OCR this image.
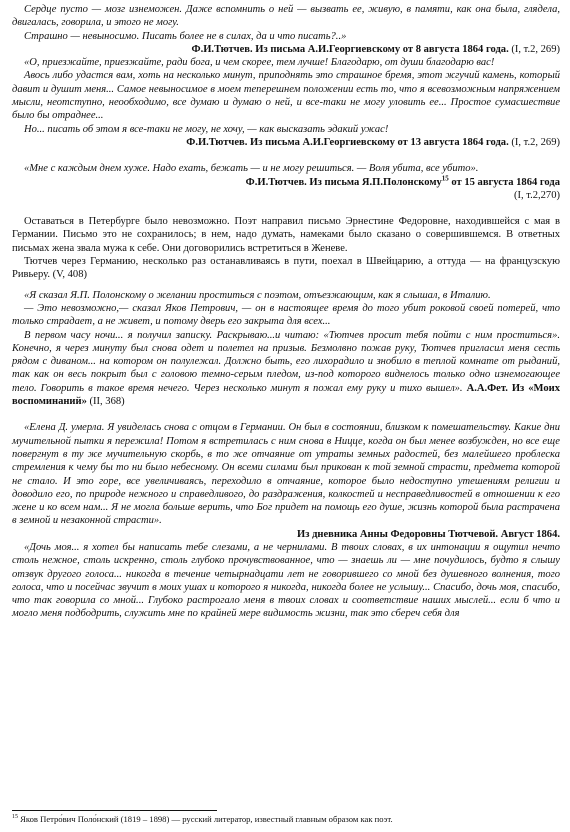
Сердце пусто — мозг изнеможен. Даже вспомнить о ней — вызвать ее, живую, в памяти, как она была, глядела, двигалась, говорила, и этого не могу.

Страшно — невыносимо. Писать более не в силах, да и что писать?..»

Ф.И.Тютчев. Из письма А.И.Георгиевскому от 8 августа 1864 года. (I, т.2, 269)

«О, приезжайте, приезжайте, ради бога, и чем скорее, тем лучше! Благодарю, от души благодарю вас!

Авось либо удастся вам, хоть на несколько минут, приподнять это страшное бремя, этот жгучий камень, который давит и душит меня... Самое невыносимое в моем теперешнем положении есть то, что я всевозможным напряжением мысли, неотступно, неообходимо, все думаю и думаю о ней, и все-таки не могу уловить ее... Простое сумасшествие было бы отраднее...

Но... писать об этом я все-таки не могу, не хочу, — как высказать эдакий ужас!

Ф.И.Тютчев. Из письма А.И.Георгиевскому от 13 августа 1864 года. (I, т.2, 269)

«Мне с каждым днем хуже. Надо ехать, бежать — и не могу решиться. — Воля убита, все убито».

Ф.И.Тютчев. Из письма Я.П.Полонскому$^{15}$ от 15 августа 1864 года
(I, т.2,270)

Оставаться в Петербурге было невозможно. Поэт направил письмо Эрнестине Федоровне, находившейся с мая в Германии. Письмо это не сохранилось; в нем, надо думать, намеками было сказано о совершившемся. В ответных письмах жена звала мужа к себе. Они договорились встретиться в Женеве.

Тютчев через Германию, несколько раз останавливаясь в пути, поехал в Швейцарию, а оттуда — на французскую Ривьеру. (V, 408)

«Я сказал Я.П. Полонскому о желании проститься с поэтом, отъезжающим, как я слышал, в Италию.

— Это невозможно,— сказал Яков Петрович, — он в настоящее время до того убит роковой своей потерей, что только страдает, а не живет, и потому дверь его закрыта для всех...

В первом часу ночи... я получил записку. Раскрываю...и читаю: «Тютчев просит тебя пойти с ним проститься». Конечно, я через минуту был снова одет и полетел на призыв. Безмолвно пожав руку, Тютчев пригласил меня сесть рядом с диваном... на котором он полулежал. Должно быть, его лихорадило и знобило в теплой комнате от рыданий, так как он весь покрыт был с головою темно-серым пледом, из-под которого виднелось только одно изнемогающее тело. Говорить в такое время нечего. Через несколько минут я пожал ему руку и тихо вышел». А.А.Фет. Из «Моих воспоминаний» (II, 368)

«Елена Д. умерла. Я увиделась снова с отцом в Германии. Он был в состоянии, близком к помешательству. Какие дни мучительной пытки я пережила! Потом я встретилась с ним снова в Ницце, когда он был менее возбужден, но все еще повергнут в ту же мучительную скорбь, в то же отчаяние от утраты земных радостей, без малейшего проблеска стремления к чему бы то ни было небесному. Он всеми силами был прикован к той земной страсти, предмета которой не стало. И это горе, все увеличиваясь, переходило в отчаяние, которое было недоступно утешениям религии и доводило его, по природе нежного и справедливого, до раздражения, колкостей и несправедливостей в отношении к его жене и ко всем нам... Я не могла больше верить, что Бог придет на помощь его душе, жизнь которой была растрачена в земной и незаконной страсти».

Из дневника Анны Федоровны Тютчевой. Август 1864.

«Дочь моя... я хотел бы написать тебе слезами, а не чернилами. В твоих словах, в их интонации я ощутил нечто столь нежное, столь искренно, столь глубоко прочувствованное, что — знаешь ли — мне почудилось, будто я слышу отзвук другого голоса... никогда в течение четырнадцати лет не говорившего со мной без душевного волнения, того голоса, что и посейчас звучит в моих ушах и которого я никогда, никогда более не услышу... Спасибо, дочь моя, спасибо, что так говорила со мной... Глубоко растрогало меня в твоих словах и соответствие наших мыслей... если б что и могло меня подбодрить, служить мне по крайней мере видимость жизни, так это сбереч себя для

$^{15}$ Яков Петро́вич Поло́нский (1819 – 1898) — русский литератор, известный главным образом как поэт.
